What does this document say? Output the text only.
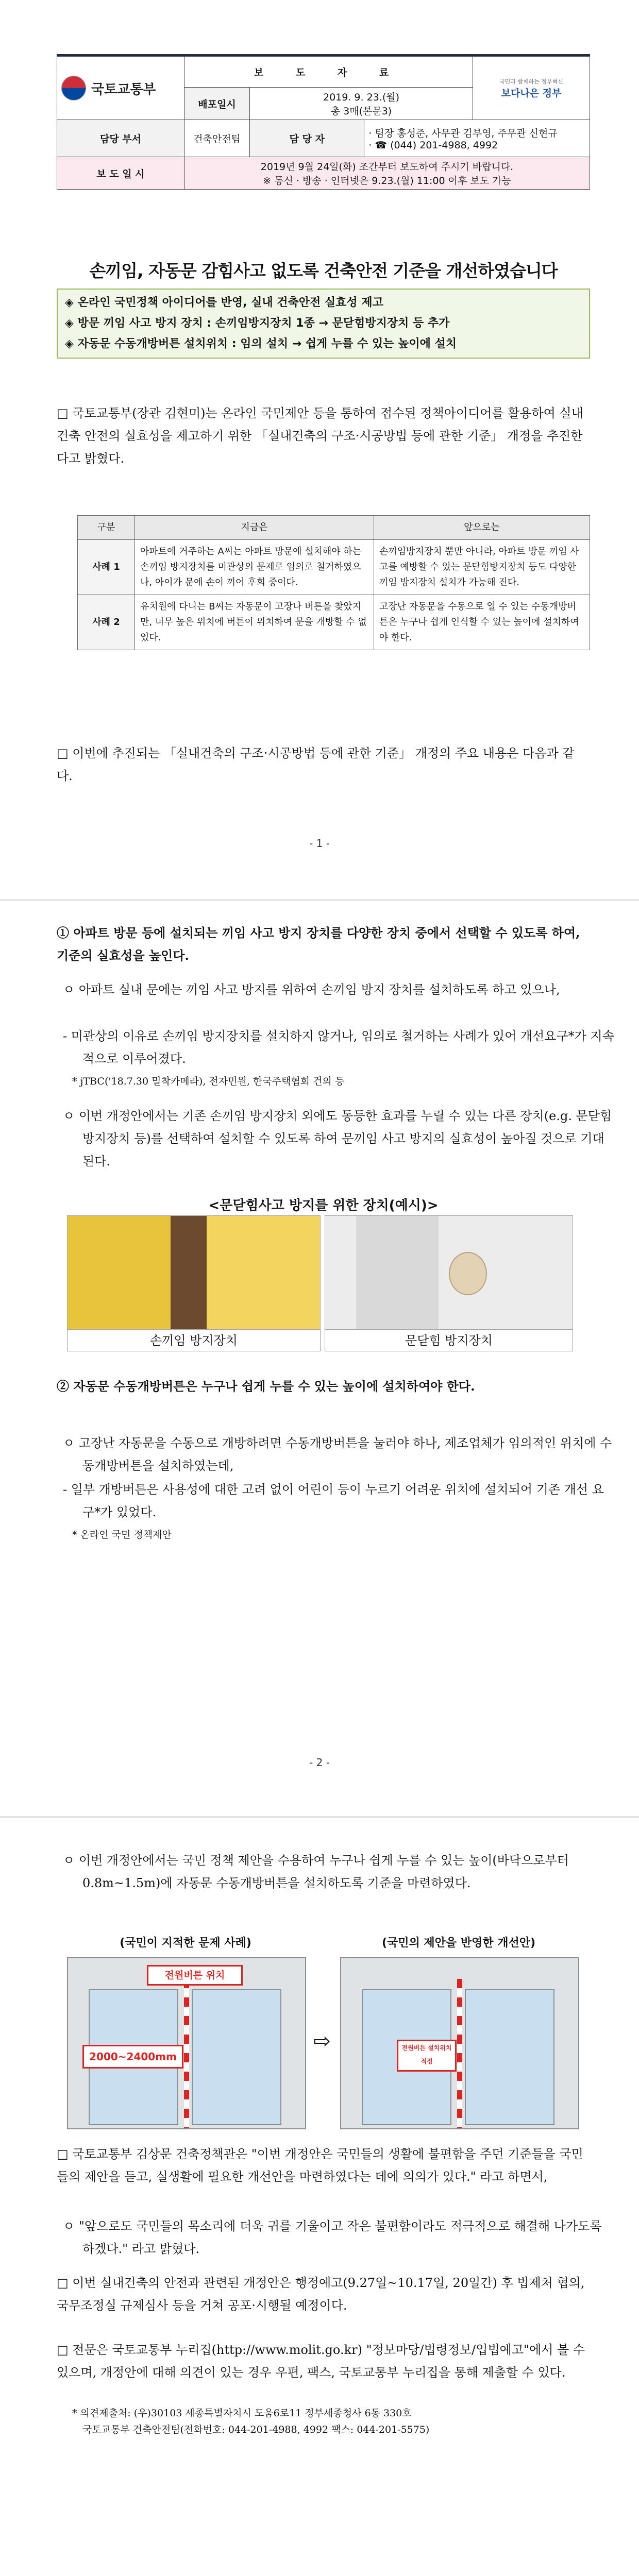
국토교통부	보 도 자 료			국민과 함께하는 정부혁신
보다나은 정부
	배포일시	2019. 9. 23.(월)
총 3매(본문3)		

담당 부서	건축안전팀	담 당 자	· 팀장 홍성준, 사무관 김부영, 주무관 신현규
· ☎ (044) 201-4988, 4992	

보 도 일 시	2019년 9월 24일(화) 조간부터 보도하여 주시기 바랍니다.
※ 통신 · 방송 · 인터넷은 9.23.(월) 11:00 이후 보도 가능			
손끼임, 자동문 감힘사고 없도록 건축안전 기준을 개선하였습니다
◈ 온라인 국민정책 아이디어를 반영, 실내 건축안전 실효성 제고
◈ 방문 끼임 사고 방지 장치 : 손끼임방지장치 1종 → 문닫힘방지장치 등 추가
◈ 자동문 수동개방버튼 설치위치 : 임의 설치 → 쉽게 누를 수 있는 높이에 설치
□ 국토교통부(장관 김현미)는 온라인 국민제안 등을 통하여 접수된 정책아이디어를 활용하여 실내 건축 안전의 실효성을 제고하기 위한 「실내건축의 구조·시공방법 등에 관한 기준」 개정을 추진한다고 밝혔다.
구분	지금은	앞으로는
사례 1	아파트에 거주하는 A씨는 아파트 방문에 설치해야 하는 손끼임 방지장치를 미관상의 문제로 임의로 철거하였으나, 아이가 문에 손이 끼어 후회 중이다.	손끼임방지장치 뿐만 아니라, 아파트 방문 끼임 사고를 예방할 수 있는 문닫힘방지장치 등도 다양한 끼임 방지장치 설치가 가능해 진다.
사례 2	유치원에 다니는 B씨는 자동문이 고장나 버튼을 찾았지만, 너무 높은 위치에 버튼이 위치하여 문을 개방할 수 없었다.	고장난 자동문을 수동으로 열 수 있는 수동개방버튼은 누구나 쉽게 인식할 수 있는 높이에 설치하여야 한다.
□ 이번에 추진되는 「실내건축의 구조·시공방법 등에 관한 기준」 개정의 주요 내용은 다음과 같다.
- 1 -
① 아파트 방문 등에 설치되는 끼임 사고 방지 장치를 다양한 장치 중에서 선택할 수 있도록 하여, 기준의 실효성을 높인다.
ㅇ 아파트 실내 문에는 끼임 사고 방지를 위하여 손끼임 방지 장치를 설치하도록 하고 있으나,
- 미관상의 이유로 손끼임 방지장치를 설치하지 않거나, 임의로 철거하는 사례가 있어 개선요구*가 지속적으로 이루어졌다.
* jTBC('18.7.30 밀착카메라), 전자민원, 한국주택협회 건의 등
ㅇ 이번 개정안에서는 기존 손끼임 방지장치 외에도 동등한 효과를 누릴 수 있는 다른 장치(e.g. 문닫힘 방지장치 등)를 선택하여 설치할 수 있도록 하여 문끼임 사고 방지의 실효성이 높아질 것으로 기대된다.
<문닫힘사고 방지를 위한 장치(예시)>
손끼임 방지장치	문닫힘 방지장치
② 자동문 수동개방버튼은 누구나 쉽게 누를 수 있는 높이에 설치하여야 한다.
ㅇ 고장난 자동문을 수동으로 개방하려면 수동개방버튼을 눌러야 하나, 제조업체가 임의적인 위치에 수동개방버튼을 설치하였는데,
- 일부 개방버튼은 사용성에 대한 고려 없이 어린이 등이 누르기 어려운 위치에 설치되어 기존 개선 요구*가 있었다.
* 온라인 국민 정책제안
- 2 -
ㅇ 이번 개정안에서는 국민 정책 제안을 수용하여 누구나 쉽게 누를 수 있는 높이(바닥으로부터 0.8m~1.5m)에 자동문 수동개방버튼을 설치하도록 기준을 마련하였다.
(국민이 지적한 문제 사례)	(국민의 제안을 반영한 개선안)
전원버튼 위치
2000~2400mm
⇨	전원버튼 설치위치 적정
□ 국토교통부 김상문 건축정책관은 "이번 개정안은 국민들의 생활에 불편함을 주던 기준들을 국민들의 제안을 듣고, 실생활에 필요한 개선안을 마련하였다는 데에 의의가 있다." 라고 하면서,
ㅇ "앞으로도 국민들의 목소리에 더욱 귀를 기울이고 작은 불편함이라도 적극적으로 해결해 나가도록 하겠다." 라고 밝혔다.
□ 이번 실내건축의 안전과 관련된 개정안은 행정예고(9.27일~10.17일, 20일간) 후 법제처 협의, 국무조정실 규제심사 등을 거쳐 공포·시행될 예정이다.
□ 전문은 국토교통부 누리집(http://www.molit.go.kr) "정보마당/법령정보/입법예고"에서 볼 수 있으며, 개정안에 대해 의견이 있는 경우 우편, 팩스, 국토교통부 누리집을 통해 제출할 수 있다.
* 의견제출처: (우)30103 세종특별자치시 도움6로11 정부세종청사 6동 330호
국토교통부 건축안전팀(전화번호: 044-201-4988, 4992 팩스: 044-201-5575)
